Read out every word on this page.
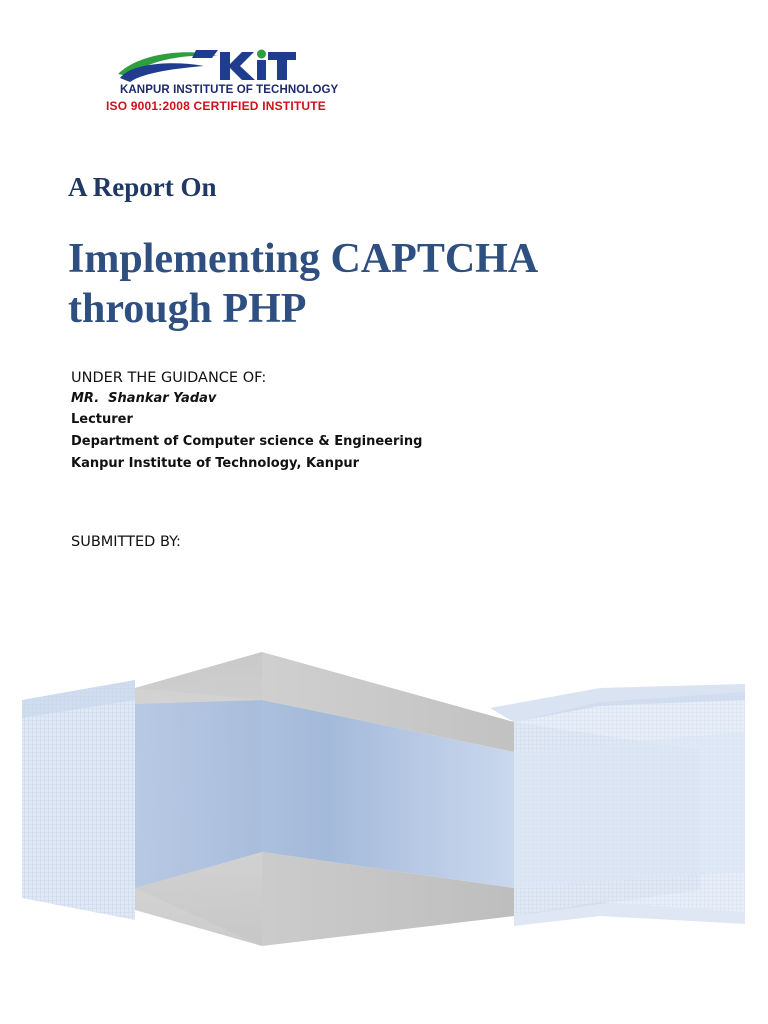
KANPUR INSTITUTE OF TECHNOLOGY
ISO 9001:2008 CERTIFIED INSTITUTE
A Report On
Implementing CAPTCHA
through PHP
UNDER THE GUIDANCE OF:
MR.  Shankar Yadav
Lecturer
Department of Computer science & Engineering
Kanpur Institute of Technology, Kanpur
SUBMITTED BY:
